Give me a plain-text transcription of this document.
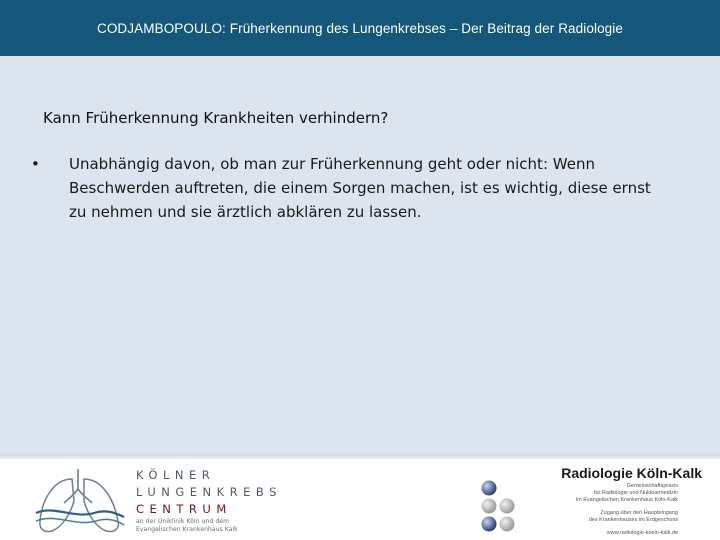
CODJAMBOPOULO: Früherkennung des Lungenkrebses – Der Beitrag der Radiologie
Kann Früherkennung Krankheiten verhindern?
•	Unabhängig davon, ob man zur Früherkennung geht oder nicht: Wenn Beschwerden auftreten, die einem Sorgen machen, ist es wichtig, diese ernst zu nehmen und sie ärztlich abklären zu lassen.
KÖLNER
LUNGENKREBS
CENTRUM
an der Uniklinik Köln und dem
Evangelischen Krankenhaus Kalk
Radiologie Köln-Kalk
Gemeinschaftspraxis
für Radiologie und Nuklearmedizin
im Evangelischen Krankenhaus Köln-Kalk
Zugang über den Haupteingang
des Krankenhauses im Erdgeschoss
www.radiologie-koeln-kalk.de
